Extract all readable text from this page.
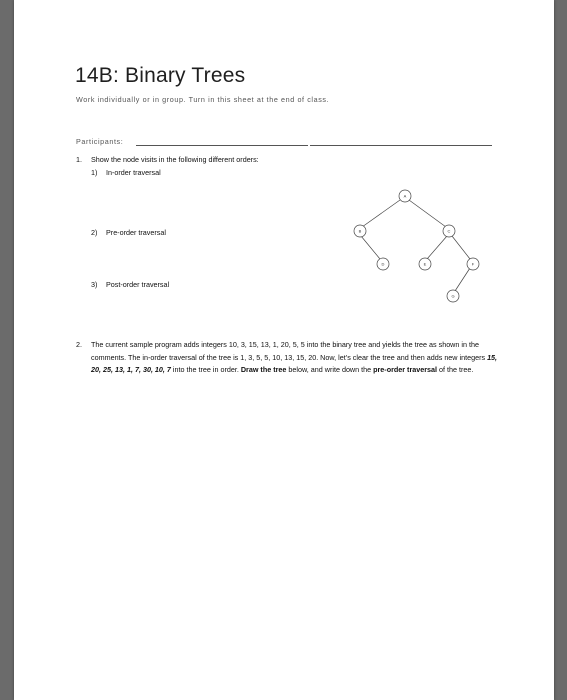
14B: Binary Trees
Work individually or in group. Turn in this sheet at the end of class.
Participants:
1. Show the node visits in the following different orders:
1) In-order traversal
2) Pre-order traversal
3) Post-order traversal
A
B	C
D	E	F
G
2. The current sample program adds integers 10, 3, 15, 13, 1, 20, 5, 5 into the binary tree and yields the tree as shown in the comments. The in-order traversal of the tree is 1, 3, 5, 5, 10, 13, 15, 20. Now, let’s clear the tree and then adds new integers 15, 20, 25, 13, 1, 7, 30, 10, 7 into the tree in order. Draw the tree below, and write down the pre-order traversal of the tree.
